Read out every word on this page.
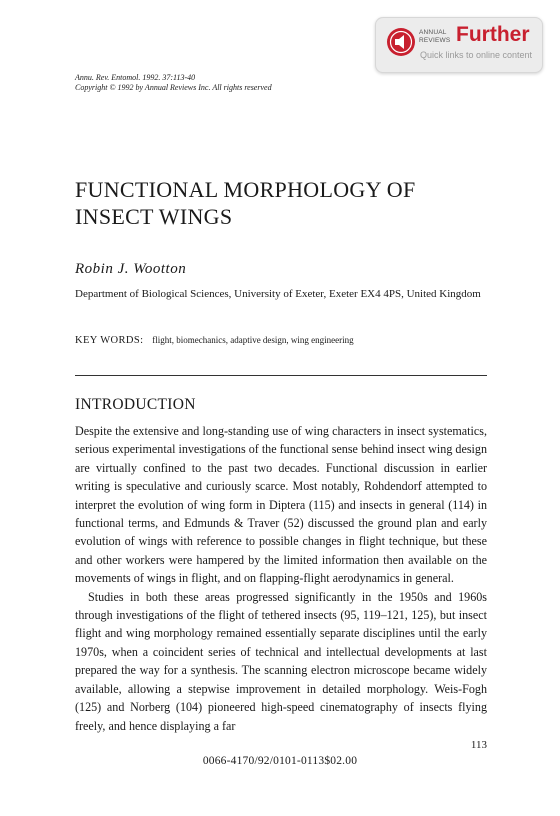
ANNUAL
REVIEWS Further
Quick links to online content
Annu. Rev. Entomol. 1992. 37:113-40
Copyright © 1992 by Annual Reviews Inc. All rights reserved
FUNCTIONAL MORPHOLOGY OF INSECT WINGS
Robin J. Wootton
Department of Biological Sciences, University of Exeter, Exeter EX4 4PS, United Kingdom
KEY WORDS: flight, biomechanics, adaptive design, wing engineering
INTRODUCTION

Despite the extensive and long-standing use of wing characters in insect systematics, serious experimental investigations of the functional sense behind insect wing design are virtually confined to the past two decades. Functional discussion in earlier writing is speculative and curiously scarce. Most notably, Rohdendorf attempted to interpret the evolution of wing form in Diptera (115) and insects in general (114) in functional terms, and Edmunds & Traver (52) discussed the ground plan and early evolution of wings with reference to possible changes in flight technique, but these and other workers were hampered by the limited information then available on the movements of wings in flight, and on flapping-flight aerodynamics in general.

Studies in both these areas progressed significantly in the 1950s and 1960s through investigations of the flight of tethered insects (95, 119–121, 125), but insect flight and wing morphology remained essentially separate disciplines until the early 1970s, when a coincident series of technical and intellectual developments at last prepared the way for a synthesis. The scanning electron microscope became widely available, allowing a stepwise improvement in detailed morphology. Weis-Fogh (125) and Norberg (104) pioneered high-speed cinematography of insects flying freely, and hence displaying a far

113
0066-4170/92/0101-0113$02.00
